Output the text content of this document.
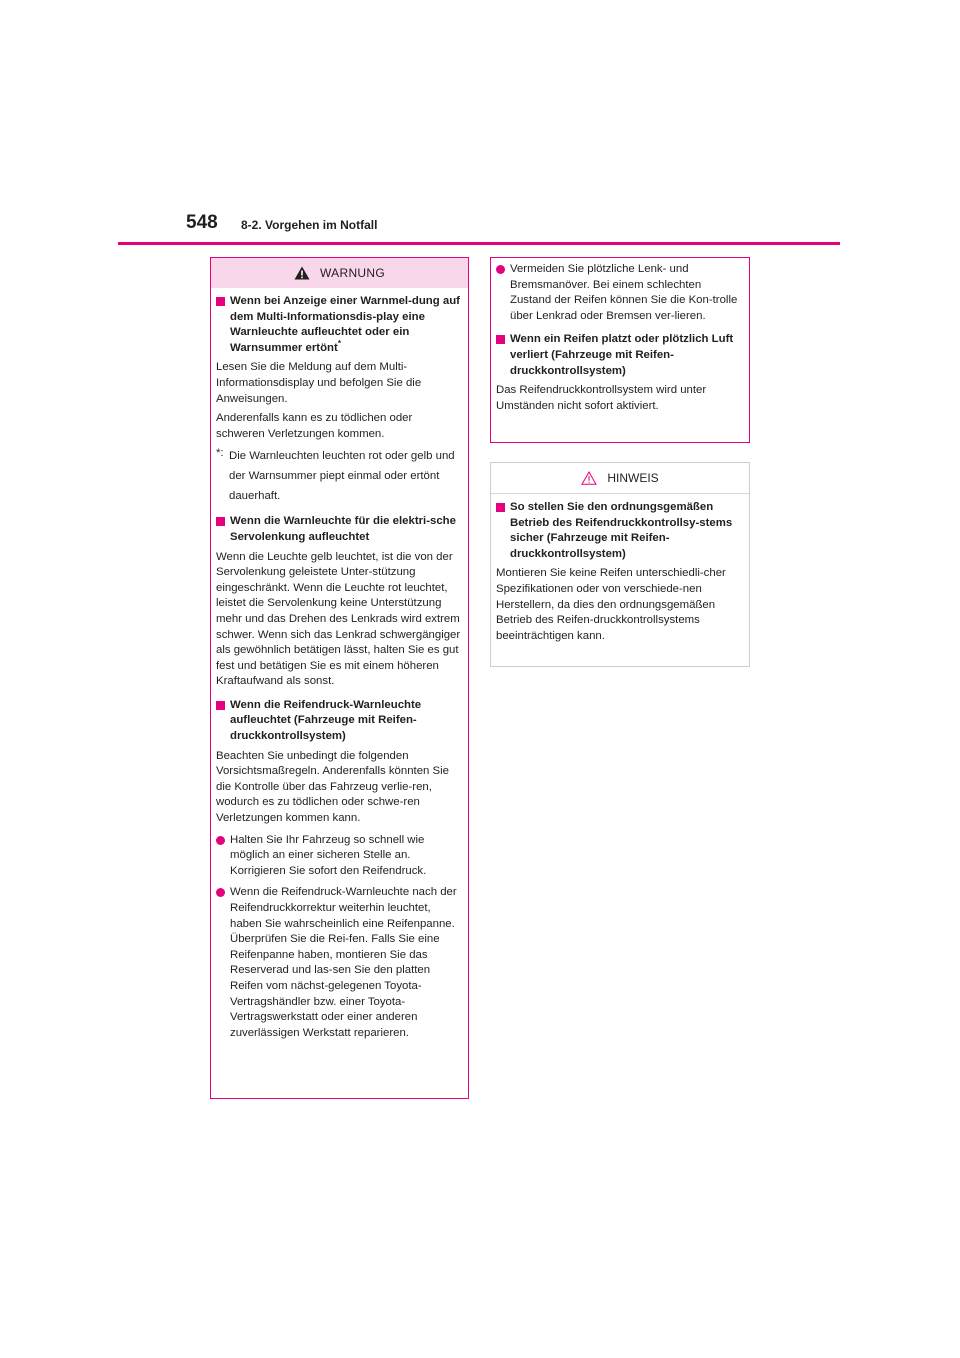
548 8-2. Vorgehen im Notfall
WARNUNG
Wenn bei Anzeige einer Warnmel-dung auf dem Multi-Informationsdis-play eine Warnleuchte aufleuchtet oder ein Warnsummer ertönt*

Lesen Sie die Meldung auf dem Multi-Informationsdisplay und befolgen Sie die Anweisungen.

Anderenfalls kann es zu tödlichen oder schweren Verletzungen kommen.

*: Die Warnleuchten leuchten rot oder gelb und der Warnsummer piept einmal oder ertönt dauerhaft.
Wenn die Warnleuchte für die elektri-sche Servolenkung aufleuchtet

Wenn die Leuchte gelb leuchtet, ist die von der Servolenkung geleistete Unter-stützung eingeschränkt. Wenn die Leuchte rot leuchtet, leistet die Servolenkung keine Unterstützung mehr und das Drehen des Lenkrads wird extrem schwer. Wenn sich das Lenkrad schwergängiger als gewöhnlich betätigen lässt, halten Sie es gut fest und betätigen Sie es mit einem höheren Kraftaufwand als sonst.

Wenn die Reifendruck-Warnleuchte aufleuchtet (Fahrzeuge mit Reifen-druckkontrollsystem)

Beachten Sie unbedingt die folgenden Vorsichtsmaßregeln. Anderenfalls könnten Sie die Kontrolle über das Fahrzeug verlie-ren, wodurch es zu tödlichen oder schwe-ren Verletzungen kommen kann.

Halten Sie Ihr Fahrzeug so schnell wie möglich an einer sicheren Stelle an. Korrigieren Sie sofort den Reifendruck.
Wenn die Reifendruck-Warnleuchte nach der Reifendruckkorrektur weiterhin leuchtet, haben Sie wahrscheinlich eine Reifenpanne. Überprüfen Sie die Rei-fen. Falls Sie eine Reifenpanne haben, montieren Sie das Reserverad und las-sen Sie den platten Reifen vom nächst-gelegenen Toyota-Vertragshändler bzw. einer Toyota-Vertragswerkstatt oder einer anderen zuverlässigen Werkstatt reparieren.
Vermeiden Sie plötzliche Lenk- und Bremsmanöver. Bei einem schlechten Zustand der Reifen können Sie die Kon-trolle über Lenkrad oder Bremsen ver-lieren.
Wenn ein Reifen platzt oder plötzlich Luft verliert (Fahrzeuge mit Reifen-druckkontrollsystem)

Das Reifendruckkontrollsystem wird unter Umständen nicht sofort aktiviert.

HINWEIS
So stellen Sie den ordnungsgemäßen Betrieb des Reifendruckkontrollsy-stems sicher (Fahrzeuge mit Reifen-druckkontrollsystem)

Montieren Sie keine Reifen unterschiedli-cher Spezifikationen oder von verschiede-nen Herstellern, da dies den ordnungsgemäßen Betrieb des Reifen-druckkontrollsystems beeinträchtigen kann.
